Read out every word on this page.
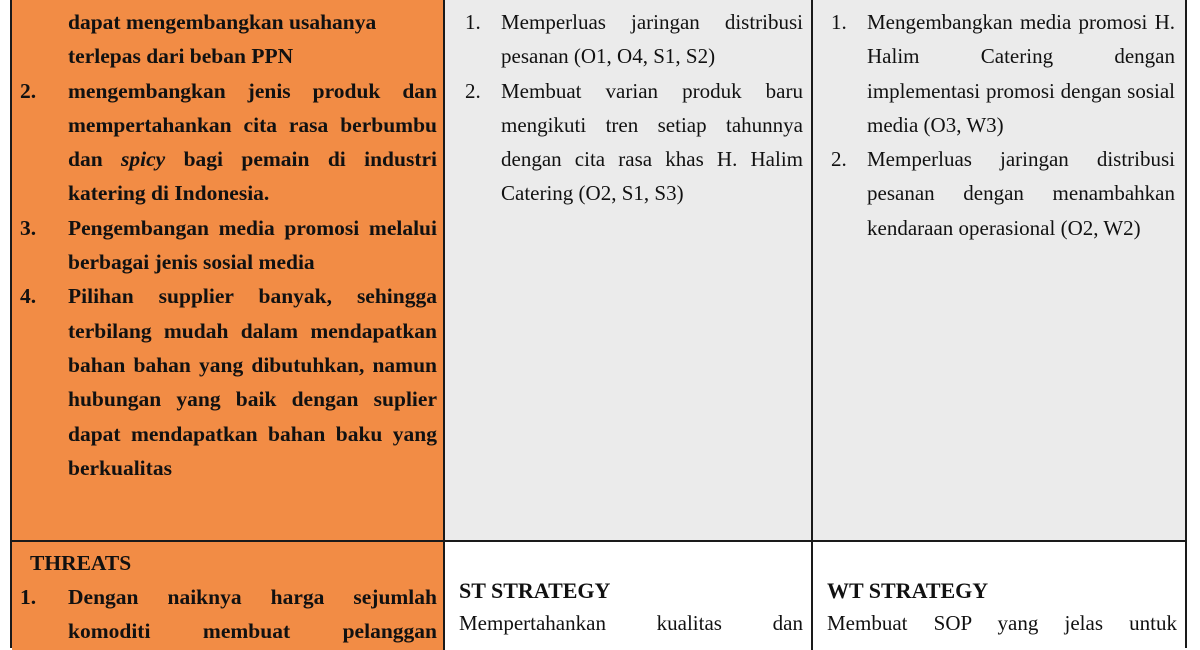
dapat mengembangkan usahanya
terlepas dari beban PPN
2. mengembangkan jenis produk dan mempertahankan cita rasa berbumbu dan spicy bagi pemain di industri katering di Indonesia.
3. Pengembangan media promosi melalui berbagai jenis sosial media
4. Pilihan supplier banyak, sehingga terbilang mudah dalam mendapatkan bahan bahan yang dibutuhkan, namun hubungan yang baik dengan suplier dapat mendapatkan bahan baku yang berkualitas
1. Memperluas jaringan distribusi pesanan (O1, O4, S1, S2)
2. Membuat varian produk baru mengikuti tren setiap tahunnya dengan cita rasa khas H. Halim Catering (O2, S1, S3)
1. Mengembangkan media promosi H. Halim Catering dengan implementasi promosi dengan sosial media (O3, W3)
2. Memperluas jaringan distribusi pesanan dengan menambahkan kendaraan operasional (O2, W2)
THREATS
1. Dengan naiknya harga sejumlah
komoditi membuat pelanggan
ST STRATEGY
Mempertahankan kualitas dan
WT STRATEGY
Membuat SOP yang jelas untuk
